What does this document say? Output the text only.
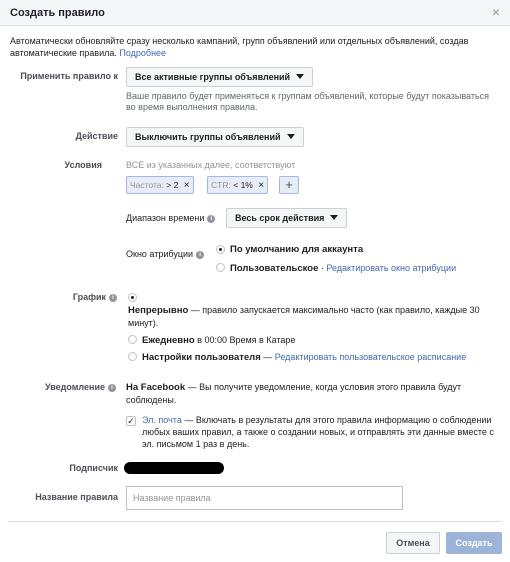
Создать правило	×
Автоматически обновляйте сразу несколько кампаний, групп объявлений или отдельных объявлений, создав автоматические правила. Подробнее
Применить правило к	Все активные группы объявлений
Ваше правило будет применяться к группам объявлений, которые будут показываться во время выполнения правила.
Действие	Выключить группы объявлений
Условия	ВСЕ из указанных далее, соответствуют
Частота: > 2 ×	CTR: < 1% ×	+
Диапазон времени i	Весь срок действия
Окно атрибуции i	По умолчанию для аккаунта
Пользовательское · Редактировать окно атрибуции
График i
Непрерывно — правило запускается максимально часто (как правило, каждые 30 минут).
Ежедневно в 00:00 Время в Катаре
Настройки пользователя — Редактировать пользовательское расписание
Уведомление i	На Facebook — Вы получите уведомление, когда условия этого правила будут соблюдены.
✓ Эл. почта — Включать в результаты для этого правила информацию о соблюдении любых ваших правил, а также о создании новых, и отправлять эти данные вместе с эл. письмом 1 раз в день.
Подписчик
Название правила
Название правила
Отмена	Создать
